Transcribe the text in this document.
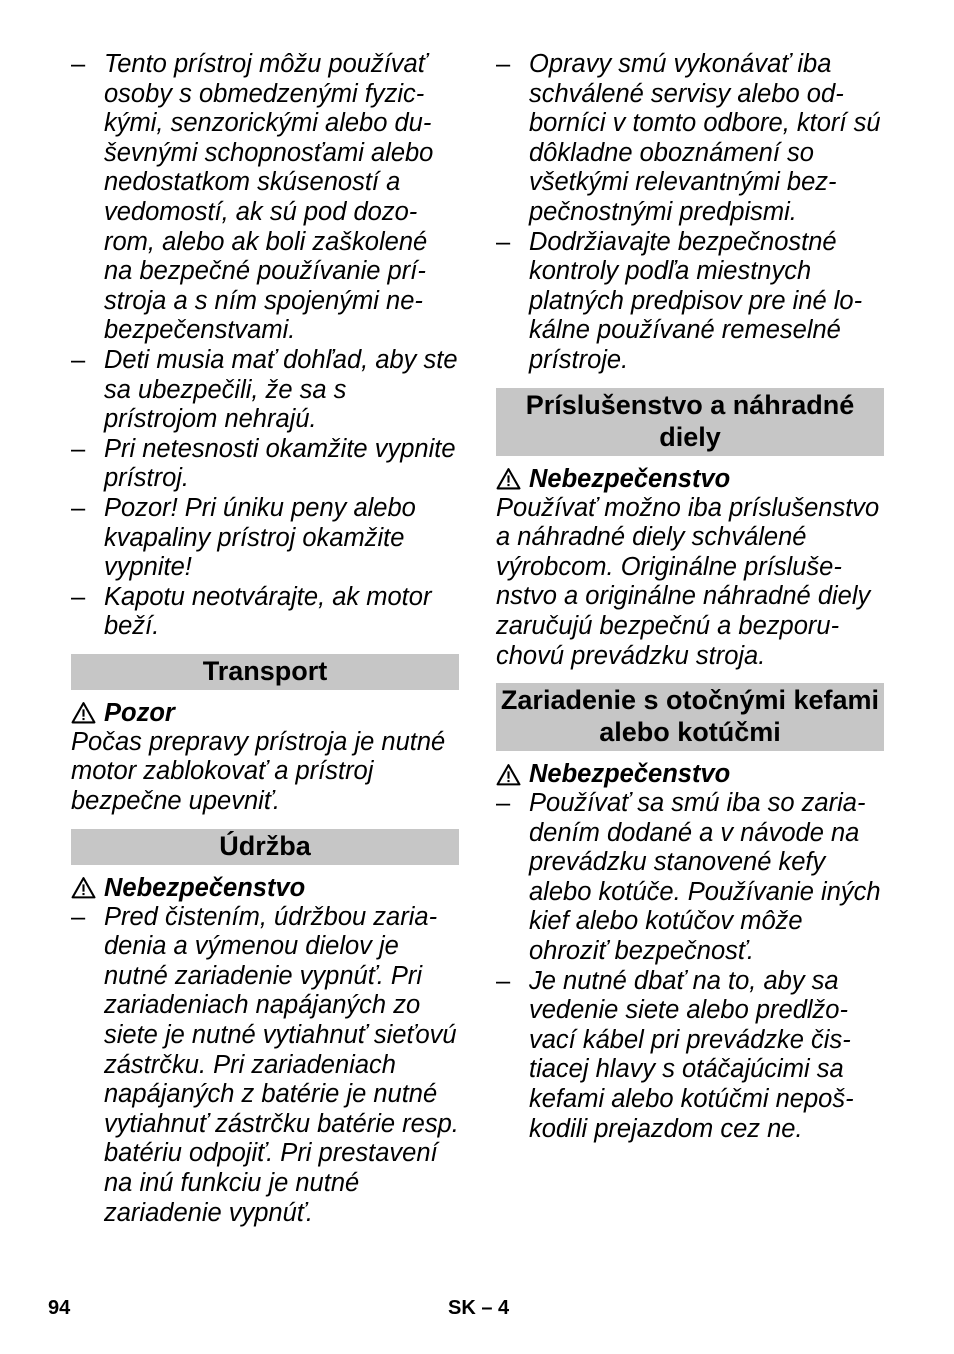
– Tento prístroj môžu používať osoby s obmedzenými fyzickými, senzorickými alebo duševnými schopnosťami alebo nedostatkom skúseností a vedomostí, ak sú pod dozorom, alebo ak boli zaškolené na bezpečné používanie prístroja a s ním spojenými nebezpečenstvami.
– Deti musia mať dohľad, aby ste sa ubezpečili, že sa s prístrojom nehrajú.
– Pri netesnosti okamžite vypnite prístroj.
– Pozor! Pri úniku peny alebo kvapaliny prístroj okamžite vypnite!
– Kapotu neotvárajte, ak motor beží.
Transport
Pozor
Počas prepravy prístroja je nutné motor zablokovať a prístroj bezpečne upevniť.
Údržba
Nebezpečenstvo
– Pred čistením, údržbou zariadenia a výmenou dielov je nutné zariadenie vypnúť. Pri zariadeniach napájaných zo siete je nutné vytiahnuť sieťovú zástrčku. Pri zariadeniach napájaných z batérie je nutné vytiahnuť zástrčku batérie resp. batériu odpojiť. Pri prestavení na inú funkciu je nutné zariadenie vypnúť.
– Opravy smú vykonávať iba schválené servisy alebo odborníci v tomto odbore, ktorí sú dôkladne oboznámení so všetkými relevantnými bezpečnostnými predpismi.
– Dodržiavajte bezpečnostné kontroly podľa miestnych platných predpisov pre iné lokálne používané remeselné prístroje.
Príslušenstvo a náhradné diely
Nebezpečenstvo
Používať možno iba príslušenstvo a náhradné diely schválené výrobcom. Originálne príslušenstvo a originálne náhradné diely zaručujú bezpečnú a bezporuchovú prevádzku stroja.
Zariadenie s otočnými kefami alebo kotúčmi
Nebezpečenstvo
– Používať sa smú iba so zariadením dodané a v návode na prevádzku stanovené kefy alebo kotúče. Používanie iných kief alebo kotúčov môže ohroziť bezpečnosť.
– Je nutné dbať na to, aby sa vedenie siete alebo predlžovací kábel pri prevádzke čistiacej hlavy s otáčajúcimi sa kefami alebo kotúčmi nepoškodili prejazdom cez ne.
94	SK – 4
